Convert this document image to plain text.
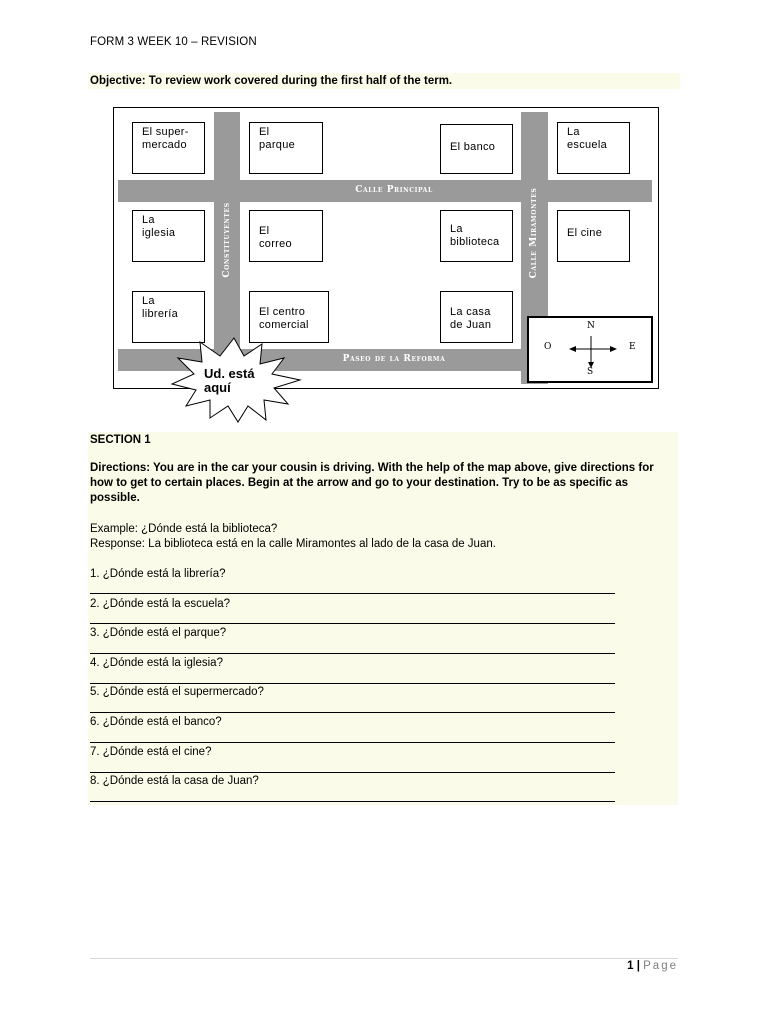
FORM 3 WEEK 10 – REVISION
Objective: To review work covered during the first half of the term.
Calle Principal
Paseo de la Reforma
Constituyentes	Calle Miramontes
El super-
mercado
El
parque	El banco
La
escuela
La
iglesia	El
correo
La
biblioteca
El cine
La
librería	El centro
comercial
La casa
de Juan	N
O	E
S
Ud. está
aquí
SECTION 1
Directions: You are in the car your cousin is driving. With the help of the map above, give directions for how to get to certain places. Begin at the arrow and go to your destination. Try to be as specific as possible.
Example: ¿Dónde está la biblioteca?
Response: La biblioteca está en la calle Miramontes al lado de la casa de Juan.
1. ¿Dónde está la librería?
2. ¿Dónde está la escuela?
3. ¿Dónde está el parque?
4. ¿Dónde está la iglesia?
5. ¿Dónde está el supermercado?
6. ¿Dónde está el banco?
7. ¿Dónde está el cine?
8. ¿Dónde está la casa de Juan?
1 | Page
